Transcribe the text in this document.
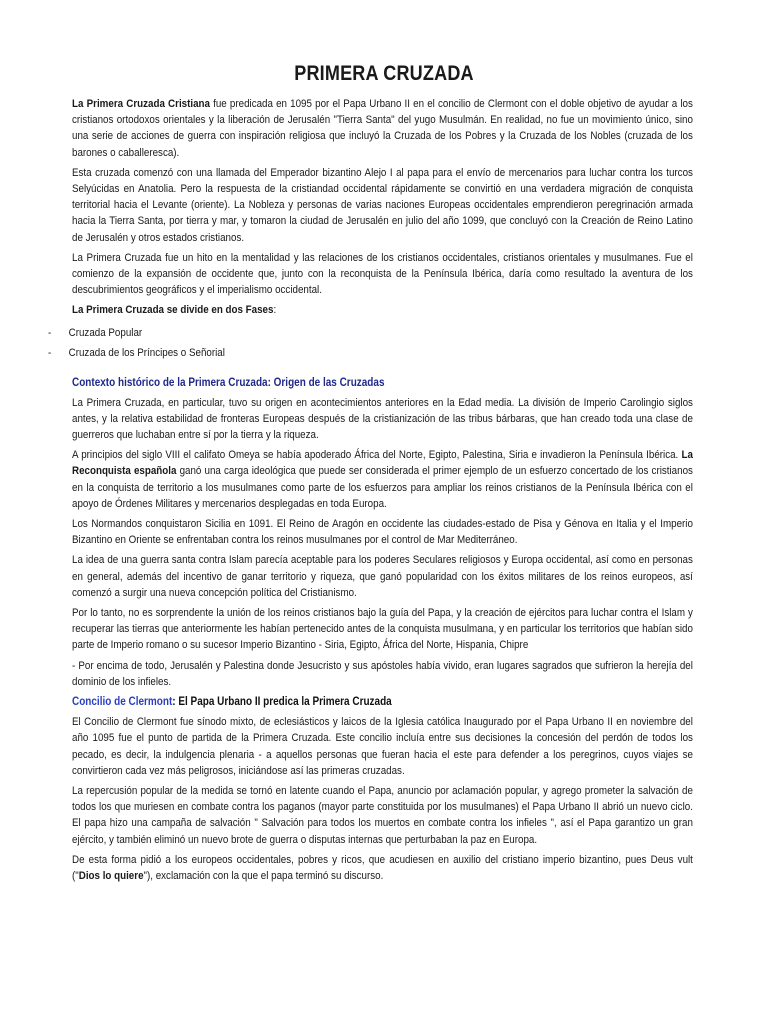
PRIMERA CRUZADA
La Primera Cruzada Cristiana fue predicada en 1095 por el Papa Urbano II en el concilio de Clermont con el doble objetivo de ayudar a los cristianos ortodoxos orientales y la liberación de Jerusalén "Tierra Santa" del yugo Musulmán. En realidad, no fue un movimiento único, sino una serie de acciones de guerra con inspiración religiosa que incluyó la Cruzada de los Pobres y la Cruzada de los Nobles (cruzada de los barones o caballeresca).
Esta cruzada comenzó con una llamada del Emperador bizantino Alejo I al papa para el envío de mercenarios para luchar contra los turcos Selyúcidas en Anatolia. Pero la respuesta de la cristiandad occidental rápidamente se convirtió en una verdadera migración de conquista territorial hacia el Levante (oriente). La Nobleza y personas de varias naciones Europeas occidentales emprendieron peregrinación armada hacia la Tierra Santa, por tierra y mar, y tomaron la ciudad de Jerusalén en julio del año 1099, que concluyó con la Creación de Reino Latino de Jerusalén y otros estados cristianos.
La Primera Cruzada fue un hito en la mentalidad y las relaciones de los cristianos occidentales, cristianos orientales y musulmanes. Fue el comienzo de la expansión de occidente que, junto con la reconquista de la Península Ibérica, daría como resultado la aventura de los descubrimientos geográficos y el imperialismo occidental.
La Primera Cruzada se divide en dos Fases:
- Cruzada Popular
- Cruzada de los Príncipes o Señorial
Contexto histórico de la Primera Cruzada: Origen de las Cruzadas
La Primera Cruzada, en particular, tuvo su origen en acontecimientos anteriores en la Edad media. La división de Imperio Carolingio siglos antes, y la relativa estabilidad de fronteras Europeas después de la cristianización de las tribus bárbaras, que han creado toda una clase de guerreros que luchaban entre sí por la tierra y la riqueza.
A principios del siglo VIII el califato Omeya se había apoderado África del Norte, Egipto, Palestina, Siria e invadieron la Península Ibérica. La Reconquista española ganó una carga ideológica que puede ser considerada el primer ejemplo de un esfuerzo concertado de los cristianos en la conquista de territorio a los musulmanes como parte de los esfuerzos para ampliar los reinos cristianos de la Península Ibérica con el apoyo de Órdenes Militares y mercenarios desplegadas en toda Europa.
Los Normandos conquistaron Sicilia en 1091. El Reino de Aragón en occidente las ciudades-estado de Pisa y Génova en Italia y el Imperio Bizantino en Oriente se enfrentaban contra los reinos musulmanes por el control de Mar Mediterráneo.
La idea de una guerra santa contra Islam parecía aceptable para los poderes Seculares religiosos y Europa occidental, así como en personas en general, además del incentivo de ganar territorio y riqueza, que ganó popularidad con los éxitos militares de los reinos europeos, así comenzó a surgir una nueva concepción política del Cristianismo.
Por lo tanto, no es sorprendente la unión de los reinos cristianos bajo la guía del Papa, y la creación de ejércitos para luchar contra el Islam y recuperar las tierras que anteriormente les habían pertenecido antes de la conquista musulmana, y en particular los territorios que habían sido parte de Imperio romano o su sucesor Imperio Bizantino - Siria, Egipto, África del Norte, Hispania, Chipre
- Por encima de todo, Jerusalén y Palestina donde Jesucristo y sus apóstoles había vivido, eran lugares sagrados que sufrieron la herejía del dominio de los infieles.
Concilio de Clermont: El Papa Urbano II predica la Primera Cruzada
El Concilio de Clermont fue sínodo mixto, de eclesiásticos y laicos de la Iglesia católica Inaugurado por el Papa Urbano II en noviembre del año 1095 fue el punto de partida de la Primera Cruzada. Este concilio incluía entre sus decisiones la concesión del perdón de todos los pecado, es decir, la indulgencia plenaria - a aquellos personas que fueran hacia el este para defender a los peregrinos, cuyos viajes se convirtieron cada vez más peligrosos, iniciándose así las primeras cruzadas.
La repercusión popular de la medida se tornó en latente cuando el Papa, anuncio por aclamación popular, y agrego prometer la salvación de todos los que muriesen en combate contra los paganos (mayor parte constituida por los musulmanes) el Papa Urbano II abrió un nuevo ciclo. El papa hizo una campaña de salvación " Salvación para todos los muertos en combate contra los infieles ", así el Papa garantizo un gran ejército, y también eliminó un nuevo brote de guerra o disputas internas que perturbaban la paz en Europa.
De esta forma pidió a los europeos occidentales, pobres y ricos, que acudiesen en auxilio del cristiano imperio bizantino, pues Deus vult ("Dios lo quiere"), exclamación con la que el papa terminó su discurso.
